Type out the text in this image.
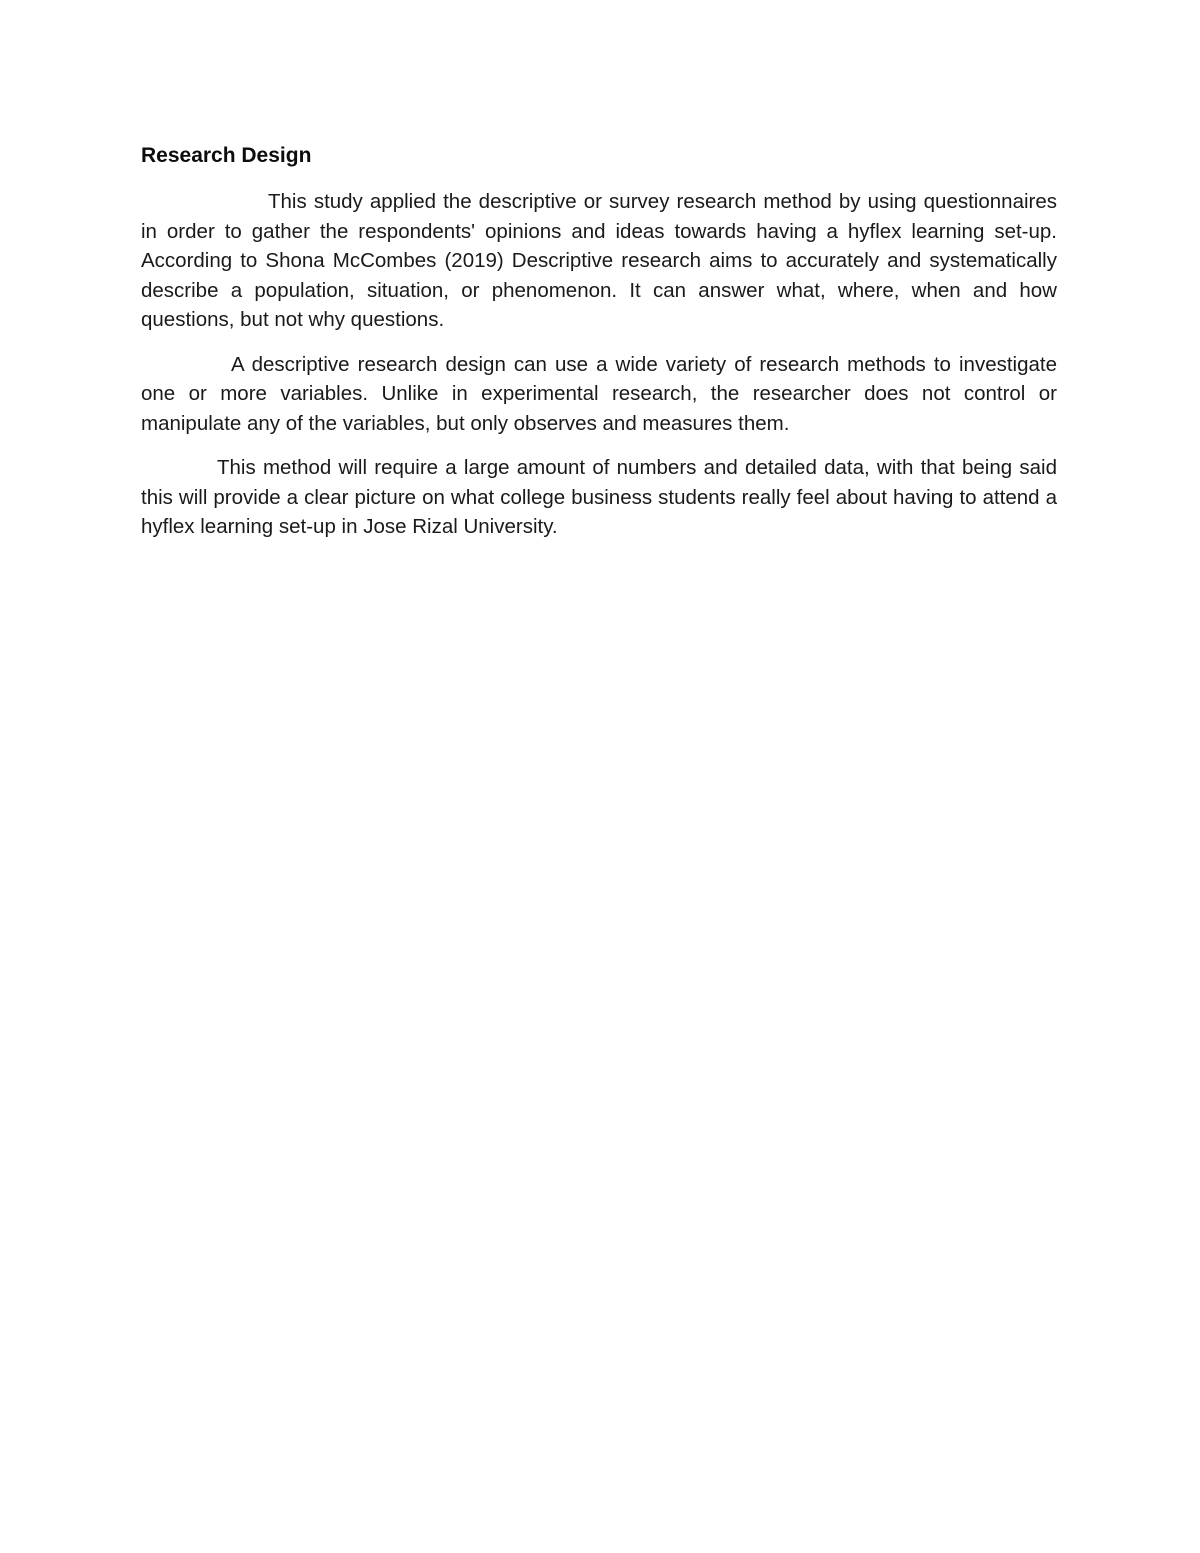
Research Design

This study applied the descriptive or survey research method by using questionnaires in order to gather the respondents' opinions and ideas towards having a hyflex learning set-up. According to Shona McCombes (2019) Descriptive research aims to accurately and systematically describe a population, situation, or phenomenon. It can answer what, where, when and how questions, but not why questions.

A descriptive research design can use a wide variety of research methods to investigate one or more variables. Unlike in experimental research, the researcher does not control or manipulate any of the variables, but only observes and measures them.

This method will require a large amount of numbers and detailed data, with that being said this will provide a clear picture on what college business students really feel about having to attend a hyflex learning set-up in Jose Rizal University.
